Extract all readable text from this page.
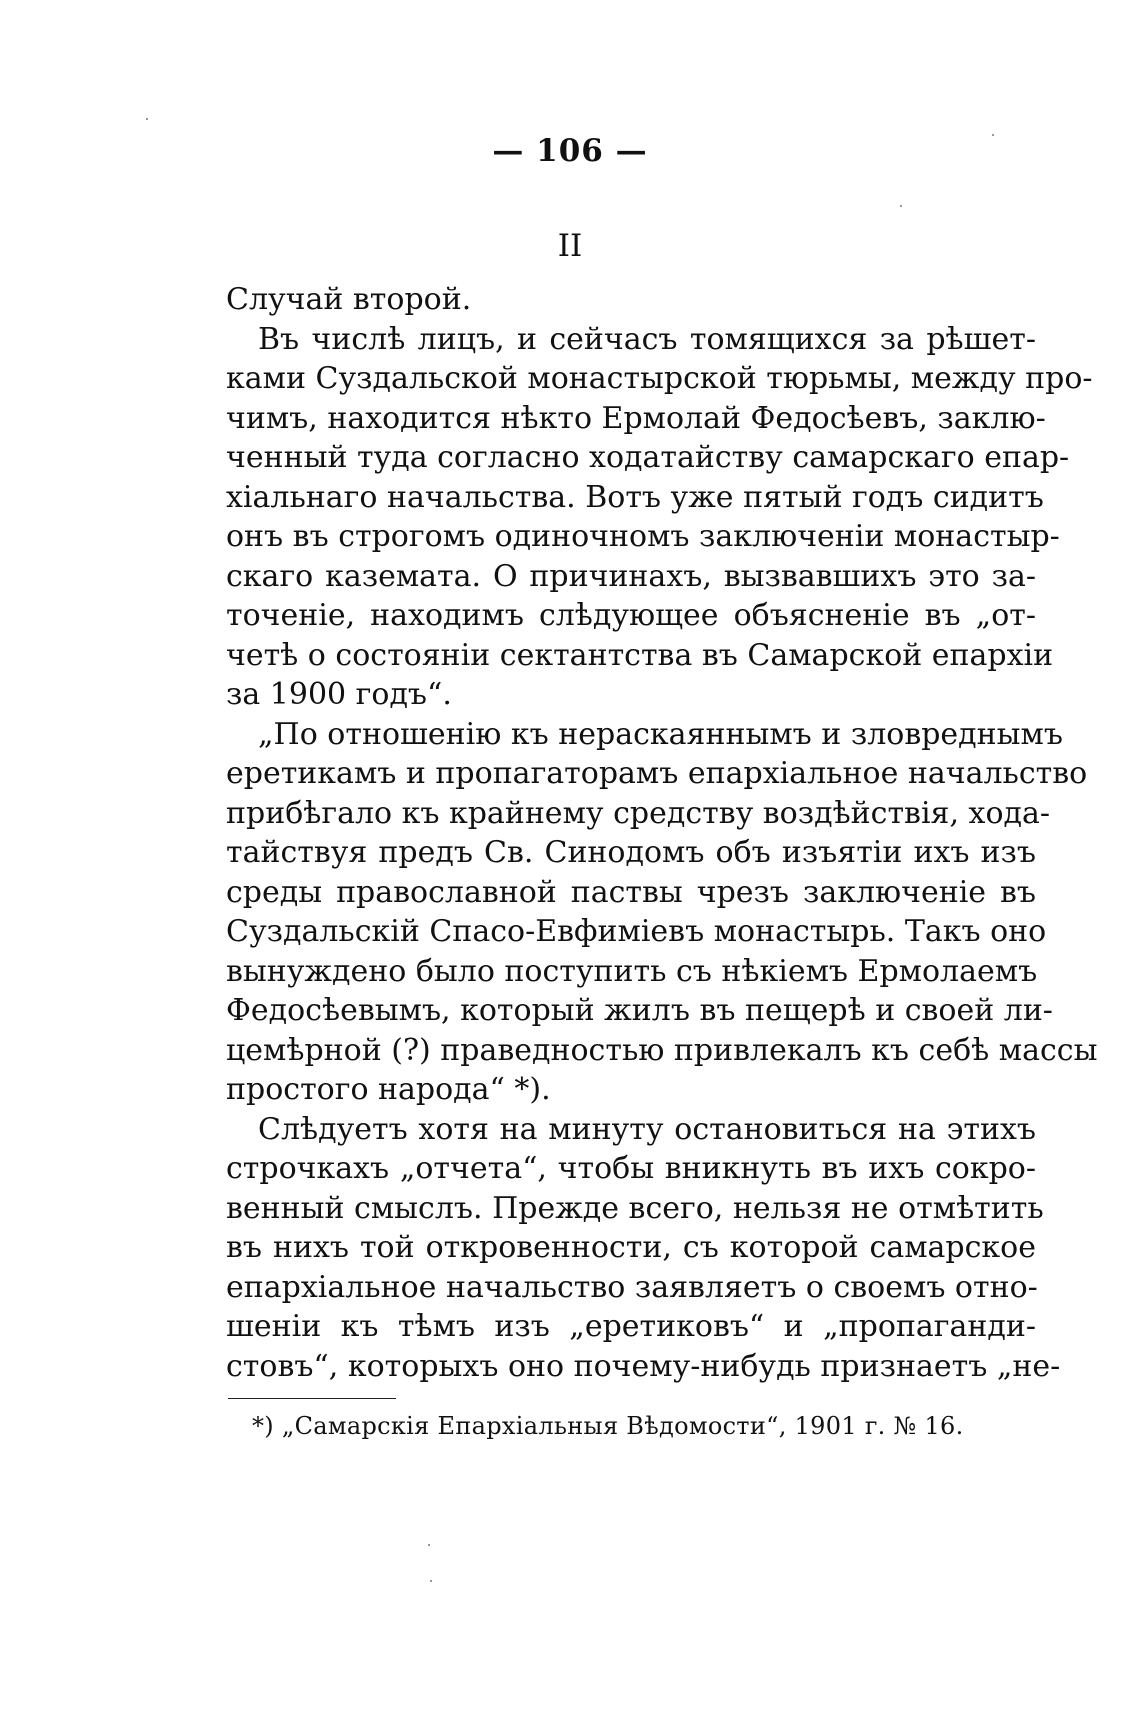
— 106 —
II
Случай второй.
Въ числѣ лицъ, и сейчасъ томящихся за рѣшет-
ками Суздальской монастырской тюрьмы, между про-
чимъ, находится нѣкто Ермолай Федосѣевъ, заклю-
ченный туда согласно ходатайству самарскаго епар-
хіальнаго начальства. Вотъ уже пятый годъ сидитъ
онъ въ строгомъ одиночномъ заключеніи монастыр-
скаго каземата. О причинахъ, вызвавшихъ это за-
точеніе, находимъ слѣдующее объясненіе въ „от-
четѣ о состояніи сектантства въ Самарской епархіи
за 1900 годъ“.
„По отношенію къ нераскаяннымъ и зловреднымъ
еретикамъ и пропагаторамъ епархіальное начальство
прибѣгало къ крайнему средству воздѣйствія, хода-
тайствуя предъ Св. Синодомъ объ изъятіи ихъ изъ
среды православной паствы чрезъ заключеніе въ
Суздальскій Спасо-Евфиміевъ монастырь. Такъ оно
вынуждено было поступить съ нѣкіемъ Ермолаемъ
Федосѣевымъ, который жилъ въ пещерѣ и своей ли-
цемѣрной (?) праведностью привлекалъ къ себѣ массы
простого народа“ *).
Слѣдуетъ хотя на минуту остановиться на этихъ
строчкахъ „отчета“, чтобы вникнуть въ ихъ сокро-
венный смыслъ. Прежде всего, нельзя не отмѣтить
въ нихъ той откровенности, съ которой самарское
епархіальное начальство заявляетъ о своемъ отно-
шеніи къ тѣмъ изъ „еретиковъ“ и „пропаганди-
стовъ“, которыхъ оно почему-нибудь признаетъ „не-
*) „Самарскія Епархіальныя Вѣдомости“, 1901 г. № 16.
